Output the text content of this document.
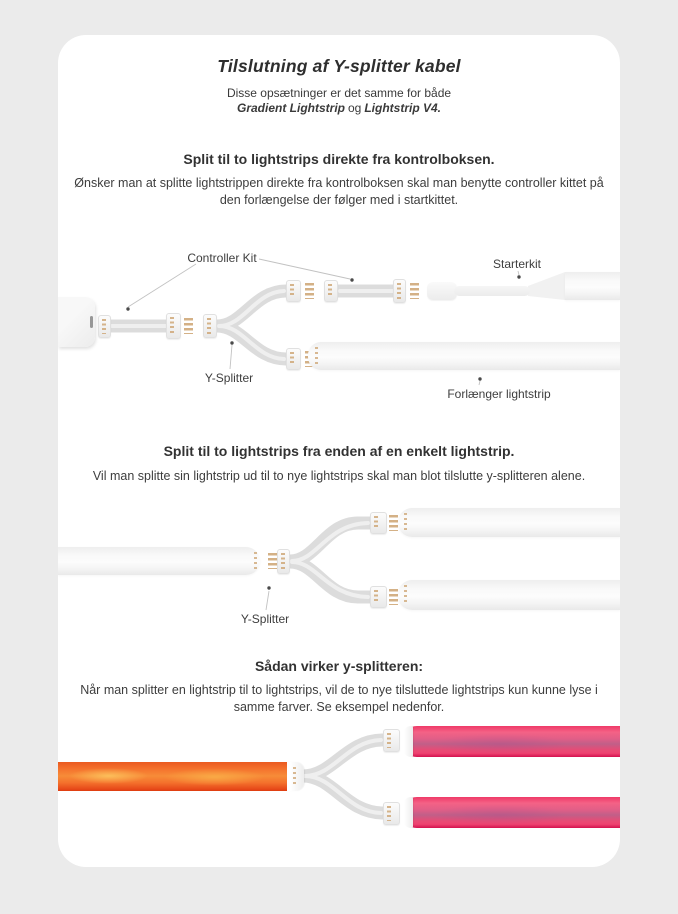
Tilslutning af Y-splitter kabel
Disse opsætninger er det samme for både
Gradient Lightstrip og Lightstrip V4.
Split til to lightstrips direkte fra kontrolboksen.
Ønsker man at splitte lightstrippen direkte fra kontrolboksen skal man benytte controller kittet på den forlængelse der følger med i startkittet.
Split til to lightstrips fra enden af en enkelt lightstrip.
Vil man splitte sin lightstrip ud til to nye lightstrips skal man blot tilslutte y-splitteren alene.
Sådan virker y-splitteren:
Når man splitter en lightstrip til to lightstrips, vil de to nye tilsluttede lightstrips kun kunne lyse i samme farver. Se eksempel nedenfor.
Controller Kit	Starterkit
Y-Splitter
Forlænger lightstrip
Y-Splitter
